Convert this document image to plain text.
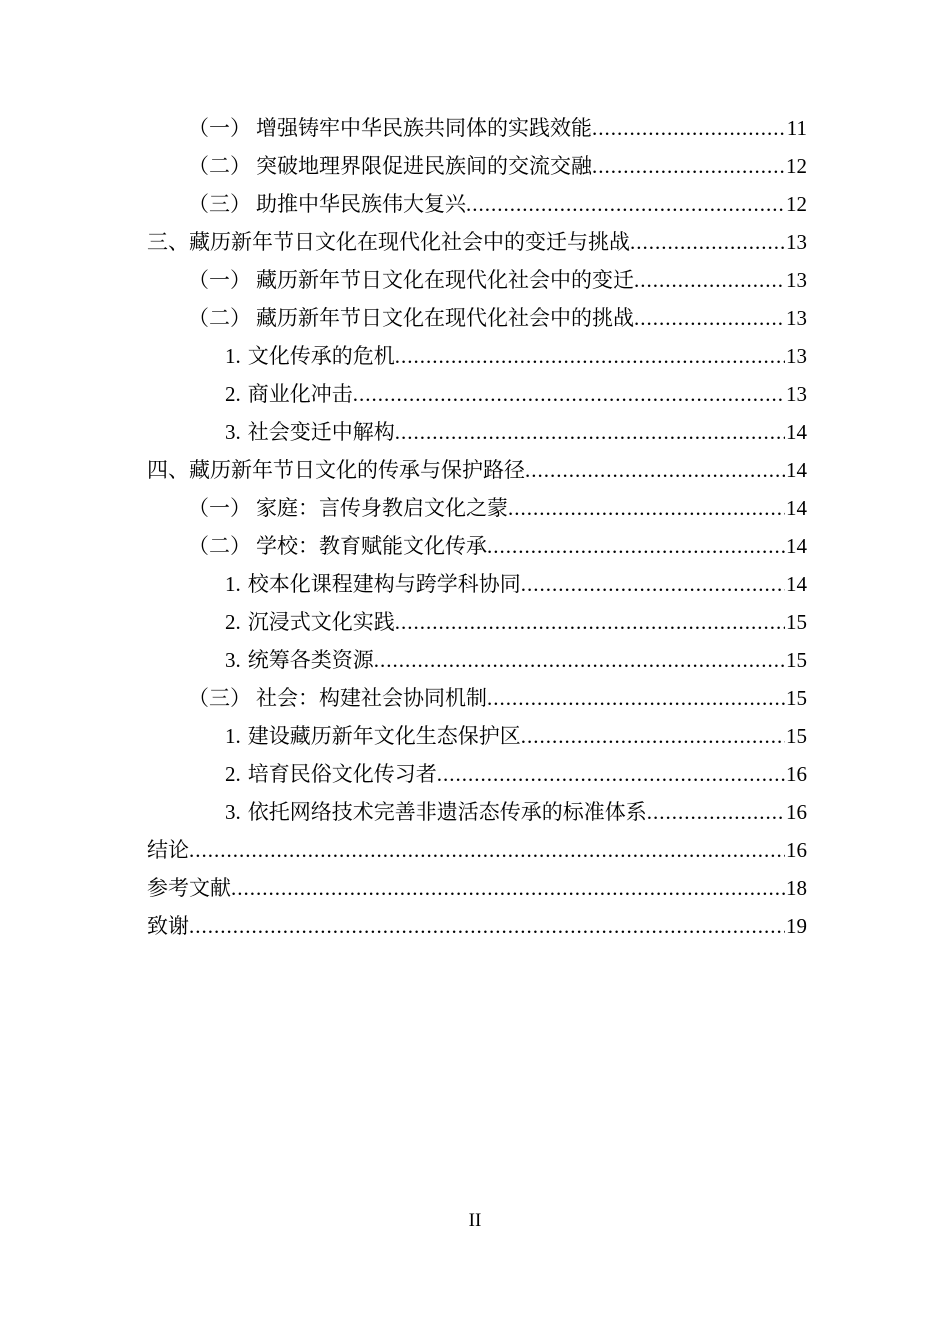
（一） 增强铸牢中华民族共同体的实践效能 .....	11
（二） 突破地理界限促进民族间的交流交融 .....	12
（三） 助推中华民族伟大复兴 .....	12
三、 藏历新年节日文化在现代化社会中的变迁与挑战 .....	13
（一） 藏历新年节日文化在现代化社会中的变迁 .....	13
（二） 藏历新年节日文化在现代化社会中的挑战 .....	13
1. 文化传承的危机 .....	13
2. 商业化冲击 .....	13
3. 社会变迁中解构 .....	14
四、 藏历新年节日文化的传承与保护路径 .....	14
（一） 家庭：言传身教启文化之蒙 .....	14
（二） 学校：教育赋能文化传承 .....	14
1. 校本化课程建构与跨学科协同 .....	14
2. 沉浸式文化实践 .....	15
3. 统筹各类资源 .....	15
（三） 社会：构建社会协同机制 .....	15
1. 建设藏历新年文化生态保护区 .....	15
2. 培育民俗文化传习者 .....	16
3. 依托网络技术完善非遗活态传承的标准体系 .....	16
结论 .....	16
参考文献 .....	18
致谢 .....	19
II
